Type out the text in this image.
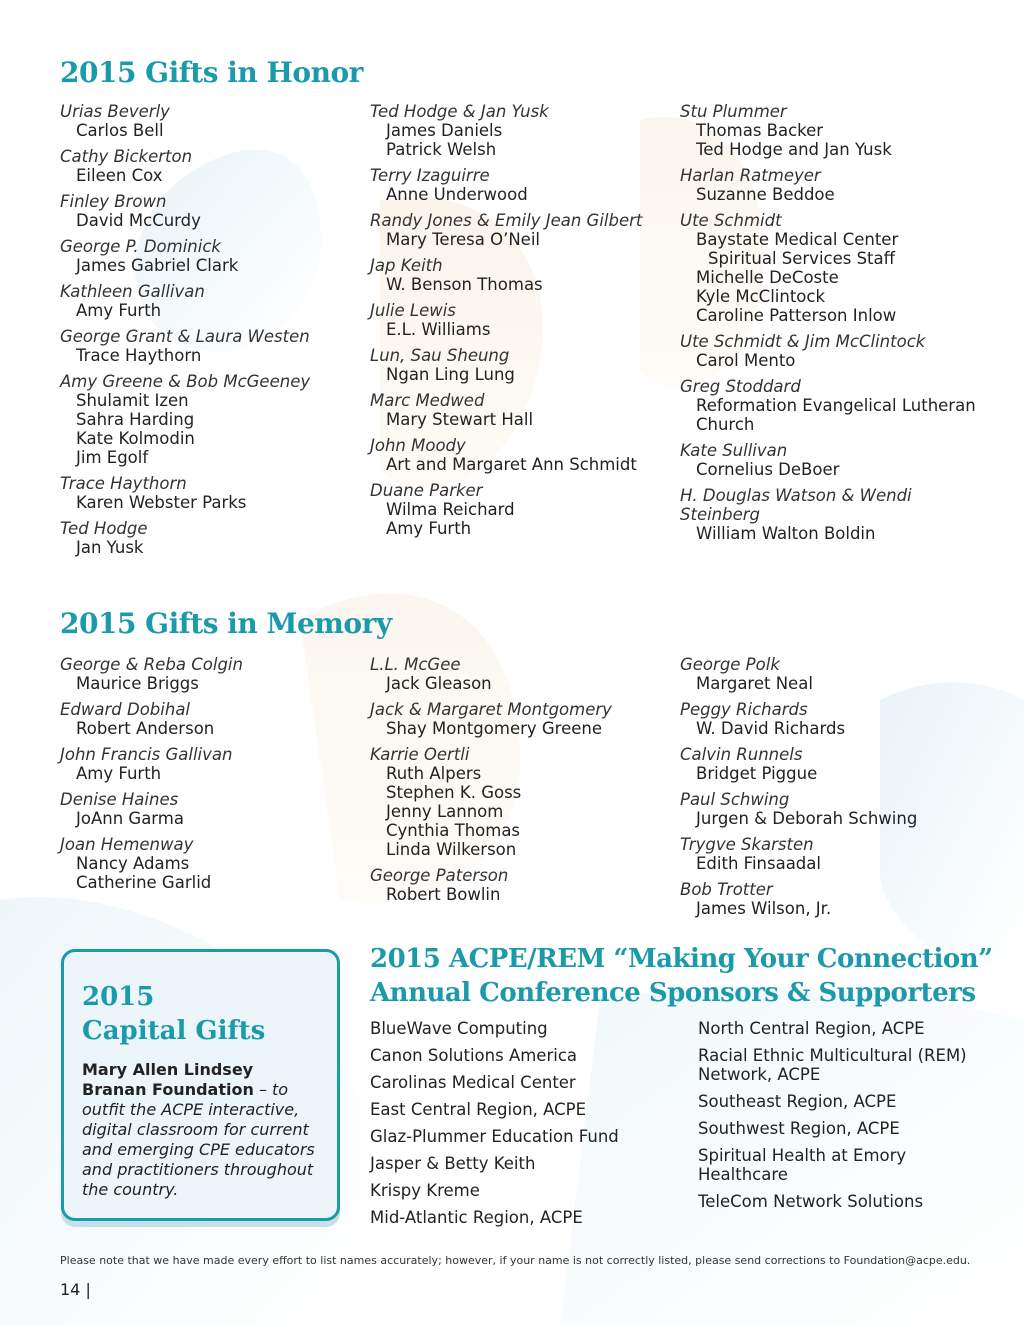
2015 Gifts in Honor
Urias Beverly
Carlos Bell
Cathy Bickerton
Eileen Cox
Finley Brown
David McCurdy
George P. Dominick
James Gabriel Clark
Kathleen Gallivan
Amy Furth
George Grant & Laura Westen
Trace Haythorn
Amy Greene & Bob McGeeney
Shulamit Izen
Sahra Harding
Kate Kolmodin
Jim Egolf
Trace Haythorn
Karen Webster Parks
Ted Hodge
Jan Yusk
Ted Hodge & Jan Yusk
James Daniels
Patrick Welsh
Terry Izaguirre
Anne Underwood
Randy Jones & Emily Jean Gilbert
Mary Teresa O’Neil
Jap Keith
W. Benson Thomas
Julie Lewis
E.L. Williams
Lun, Sau Sheung
Ngan Ling Lung
Marc Medwed
Mary Stewart Hall
John Moody
Art and Margaret Ann Schmidt
Duane Parker
Wilma Reichard
Amy Furth
Stu Plummer
Thomas Backer
Ted Hodge and Jan Yusk
Harlan Ratmeyer
Suzanne Beddoe
Ute Schmidt
Baystate Medical Center
Spiritual Services Staff
Michelle DeCoste
Kyle McClintock
Caroline Patterson Inlow
Ute Schmidt & Jim McClintock
Carol Mento
Greg Stoddard
Reformation Evangelical Lutheran Church
Kate Sullivan
Cornelius DeBoer
H. Douglas Watson & Wendi Steinberg
William Walton Boldin
2015 Gifts in Memory
George & Reba Colgin
Maurice Briggs
Edward Dobihal
Robert Anderson
John Francis Gallivan
Amy Furth
Denise Haines
JoAnn Garma
Joan Hemenway
Nancy Adams
Catherine Garlid
L.L. McGee
Jack Gleason
Jack & Margaret Montgomery
Shay Montgomery Greene
Karrie Oertli
Ruth Alpers
Stephen K. Goss
Jenny Lannom
Cynthia Thomas
Linda Wilkerson
George Paterson
Robert Bowlin
George Polk
Margaret Neal
Peggy Richards
W. David Richards
Calvin Runnels
Bridget Piggue
Paul Schwing
Jurgen & Deborah Schwing
Trygve Skarsten
Edith Finsaadal
Bob Trotter
James Wilson, Jr.
2015
Capital Gifts
Mary Allen Lindsey Branan Foundation – to outfit the ACPE interactive, digital classroom for current and emerging CPE educators and practitioners throughout the country.
2015 ACPE/REM “Making Your Connection”
Annual Conference Sponsors & Supporters
BlueWave Computing
Canon Solutions America
Carolinas Medical Center
East Central Region, ACPE
Glaz-Plummer Education Fund
Jasper & Betty Keith
Krispy Kreme
Mid-Atlantic Region, ACPE
North Central Region, ACPE
Racial Ethnic Multicultural (REM) Network, ACPE
Southeast Region, ACPE
Southwest Region, ACPE
Spiritual Health at Emory Healthcare
TeleCom Network Solutions

Please note that we have made every effort to list names accurately; however, if your name is not correctly listed, please send corrections to Foundation@acpe.edu.

14 |
